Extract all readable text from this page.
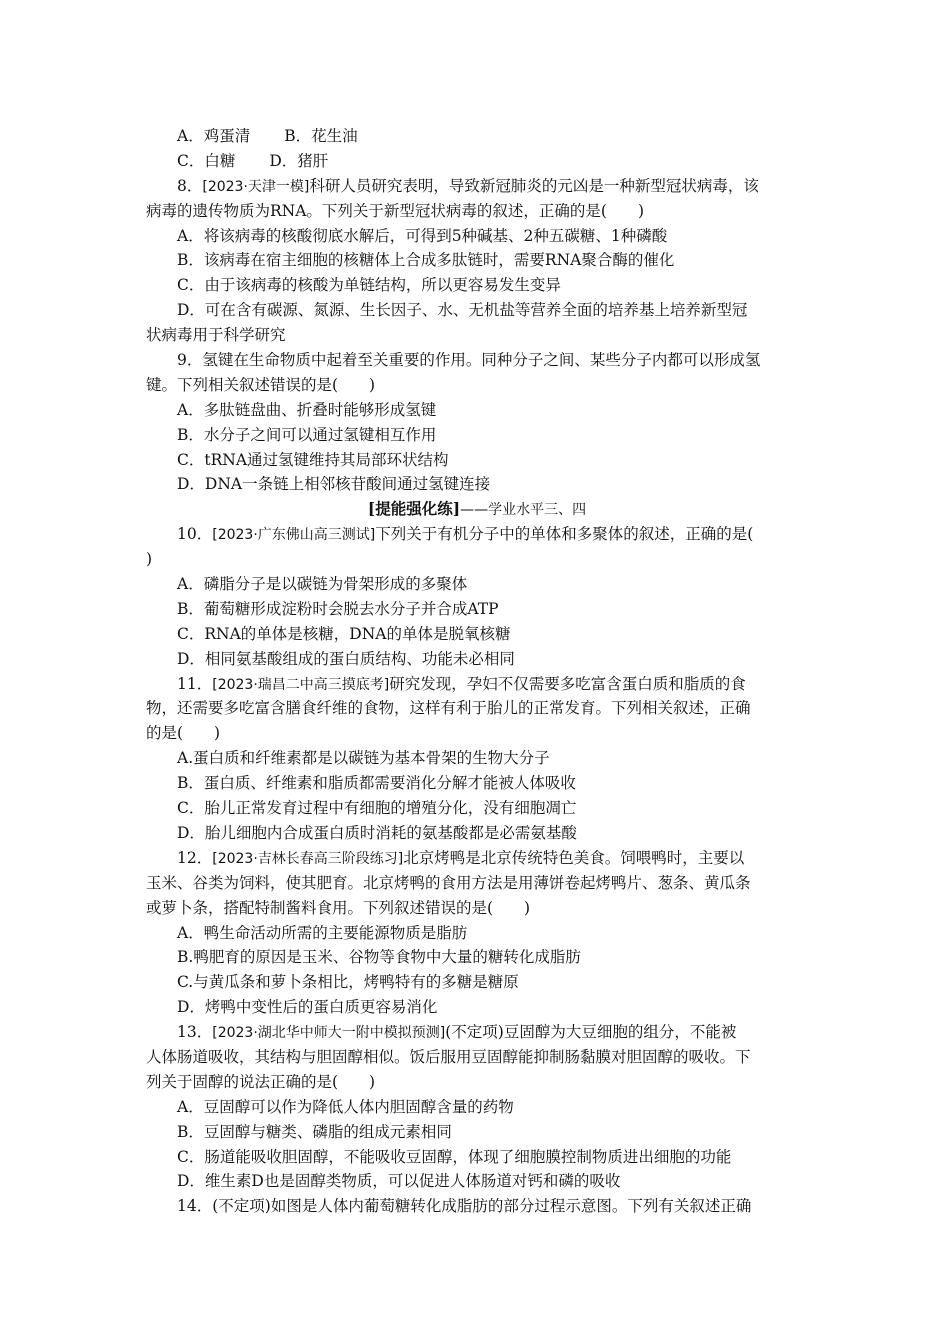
A．鸡蛋清 B．花生油
C．白糖 D．猪肝
8．[2023·天津一模]科研人员研究表明，导致新冠肺炎的元凶是一种新型冠状病毒，该
病毒的遗传物质为RNA。下列关于新型冠状病毒的叙述，正确的是(　　)
A．将该病毒的核酸彻底水解后，可得到5种碱基、2种五碳糖、1种磷酸
B．该病毒在宿主细胞的核糖体上合成多肽链时，需要RNA聚合酶的催化
C．由于该病毒的核酸为单链结构，所以更容易发生变异
D．可在含有碳源、氮源、生长因子、水、无机盐等营养全面的培养基上培养新型冠
状病毒用于科学研究
9．氢键在生命物质中起着至关重要的作用。同种分子之间、某些分子内都可以形成氢
键。下列相关叙述错误的是(　　)
A．多肽链盘曲、折叠时能够形成氢键
B．水分子之间可以通过氢键相互作用
C．tRNA通过氢键维持其局部环状结构
D．DNA一条链上相邻核苷酸间通过氢键连接
[提能强化练]——学业水平三、四
10．[2023·广东佛山高三测试]下列关于有机分子中的单体和多聚体的叙述，正确的是(
)
A．磷脂分子是以碳链为骨架形成的多聚体
B．葡萄糖形成淀粉时会脱去水分子并合成ATP
C．RNA的单体是核糖，DNA的单体是脱氧核糖
D．相同氨基酸组成的蛋白质结构、功能未必相同
11．[2023·瑞昌二中高三摸底考]研究发现，孕妇不仅需要多吃富含蛋白质和脂质的食
物，还需要多吃富含膳食纤维的食物，这样有利于胎儿的正常发育。下列相关叙述，正确
的是(　　)
A.蛋白质和纤维素都是以碳链为基本骨架的生物大分子
B．蛋白质、纤维素和脂质都需要消化分解才能被人体吸收
C．胎儿正常发育过程中有细胞的增殖分化，没有细胞凋亡
D．胎儿细胞内合成蛋白质时消耗的氨基酸都是必需氨基酸
12．[2023·吉林长春高三阶段练习]北京烤鸭是北京传统特色美食。饲喂鸭时，主要以
玉米、谷类为饲料，使其肥育。北京烤鸭的食用方法是用薄饼卷起烤鸭片、葱条、黄瓜条
或萝卜条，搭配特制酱料食用。下列叙述错误的是(　　)
A．鸭生命活动所需的主要能源物质是脂肪
B.鸭肥育的原因是玉米、谷物等食物中大量的糖转化成脂肪
C.与黄瓜条和萝卜条相比，烤鸭特有的多糖是糖原
D．烤鸭中变性后的蛋白质更容易消化
13．[2023·湖北华中师大一附中模拟预测](不定项)豆固醇为大豆细胞的组分，不能被
人体肠道吸收，其结构与胆固醇相似。饭后服用豆固醇能抑制肠黏膜对胆固醇的吸收。下
列关于固醇的说法正确的是(　　)
A．豆固醇可以作为降低人体内胆固醇含量的药物
B．豆固醇与糖类、磷脂的组成元素相同
C．肠道能吸收胆固醇，不能吸收豆固醇，体现了细胞膜控制物质进出细胞的功能
D．维生素D也是固醇类物质，可以促进人体肠道对钙和磷的吸收
14．(不定项)如图是人体内葡萄糖转化成脂肪的部分过程示意图。下列有关叙述正确
